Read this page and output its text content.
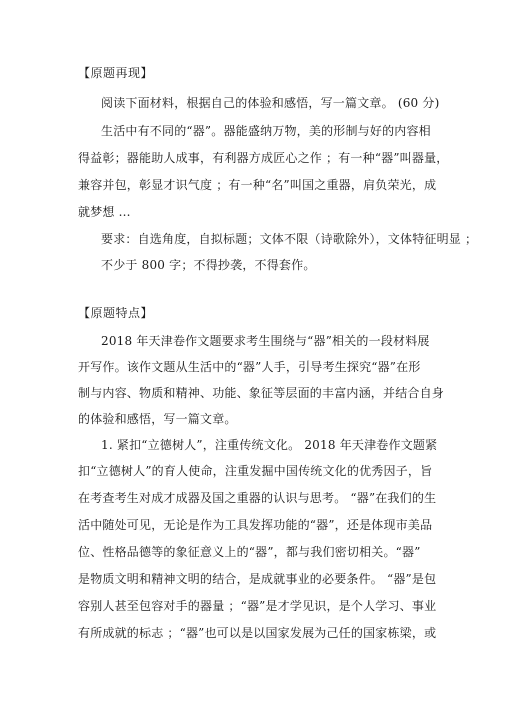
【原题再现】
阅读下面材料，根据自己的体验和感悟，写一篇文章。 (60 分)
生活中有不同的“器”。器能盛纳万物，美的形制与好的内容相
得益彰；器能助人成事，有利器方成匠心之作 ；有一种“器”叫器量，
兼容并包，彰显才识气度 ；有一种“名”叫国之重器，肩负荣光，成
就梦想 ...
要求：自选角度，自拟标题；文体不限（诗歌除外），文体特征明显 ；
不少于 800 字；不得抄袭，不得套作。
【原题特点】
2018 年天津卷作文题要求考生围绕与“器”相关的一段材料展
开写作。该作文题从生活中的“器”人手，引导考生探究“器”在形
制与内容、物质和精神、功能、象征等层面的丰富内涵，并结合自身
的体验和感悟，写一篇文章。
1. 紧扣“立德树人”，注重传统文化。 2018 年天津卷作文题紧
扣“立德树人”的育人使命，注重发掘中国传统文化的优秀因子，旨
在考查考生对成才成器及国之重器的认识与思考。 “器”在我们的生
活中随处可见，无论是作为工具发挥功能的“器”，还是体现市美品
位、性格品德等的象征意义上的“器”，都与我们密切相关。“器”
是物质文明和精神文明的结合，是成就事业的必要条件。 “器”是包
容别人甚至包容对手的器量 ；“器”是才学见识，是个人学习、事业
有所成就的标志 ；“器”也可以是以国家发展为己任的国家栋梁，或
